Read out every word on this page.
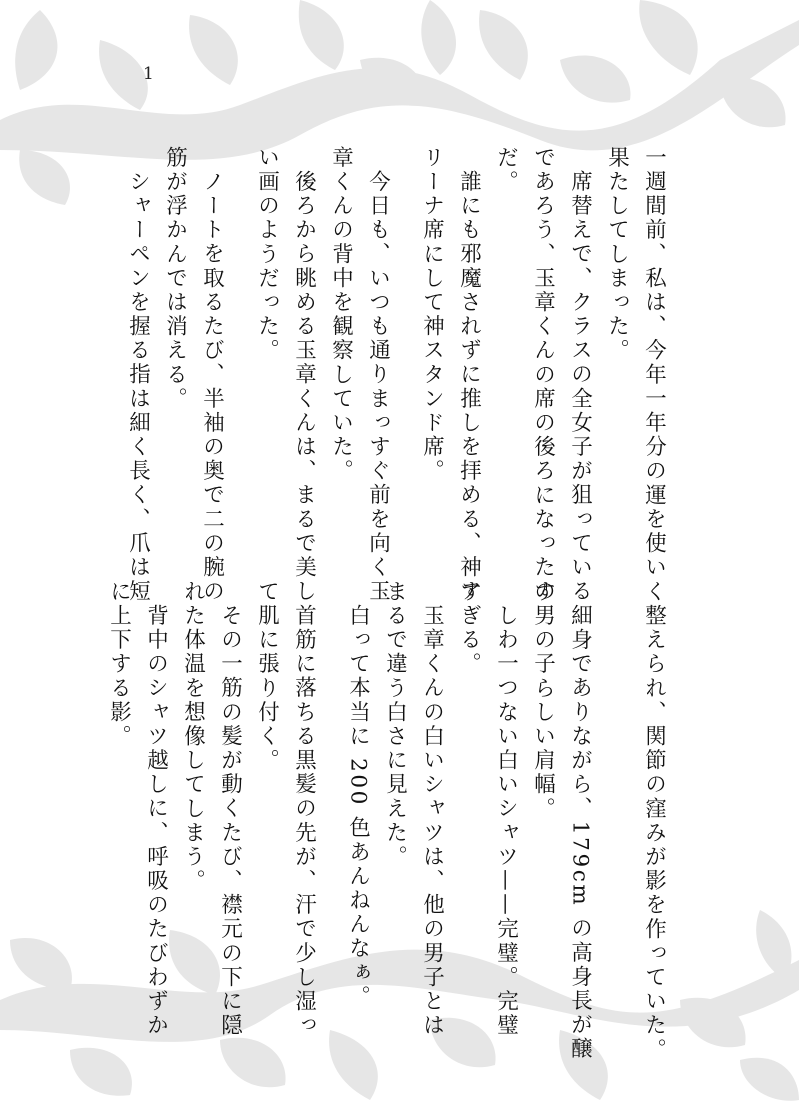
1
一週間前、私は、今年一年分の運を使い
果たしてしまった。
席替えで、クラスの全女子が狙っている
であろう、玉章くんの席の後ろになったの
だ。
誰にも邪魔されずに推しを拝める、神ア
リーナ席にして神スタンド席。
今日も、いつも通りまっすぐ前を向く玉
章くんの背中を観察していた。
後ろから眺める玉章くんは、まるで美し
い画のようだった。
ノートを取るたび、半袖の奥で二の腕の
筋が浮かんでは消える。
シャーペンを握る指は細く長く、爪は短
く整えられ、関節の窪みが影を作っていた。
細身でありながら、179cm の高身長が醸
す男の子らしい肩幅。
しわ一つない白いシャツ——完璧。完璧
すぎる。
玉章くんの白いシャツは、他の男子とは
まるで違う白さに見えた。
白って本当に 200 色あんねんなぁ。
首筋に落ちる黒髪の先が、汗で少し湿っ
て肌に張り付く。
その一筋の髪が動くたび、襟元の下に隠
れた体温を想像してしまう。
背中のシャツ越しに、呼吸のたびわずか
に上下する影。
